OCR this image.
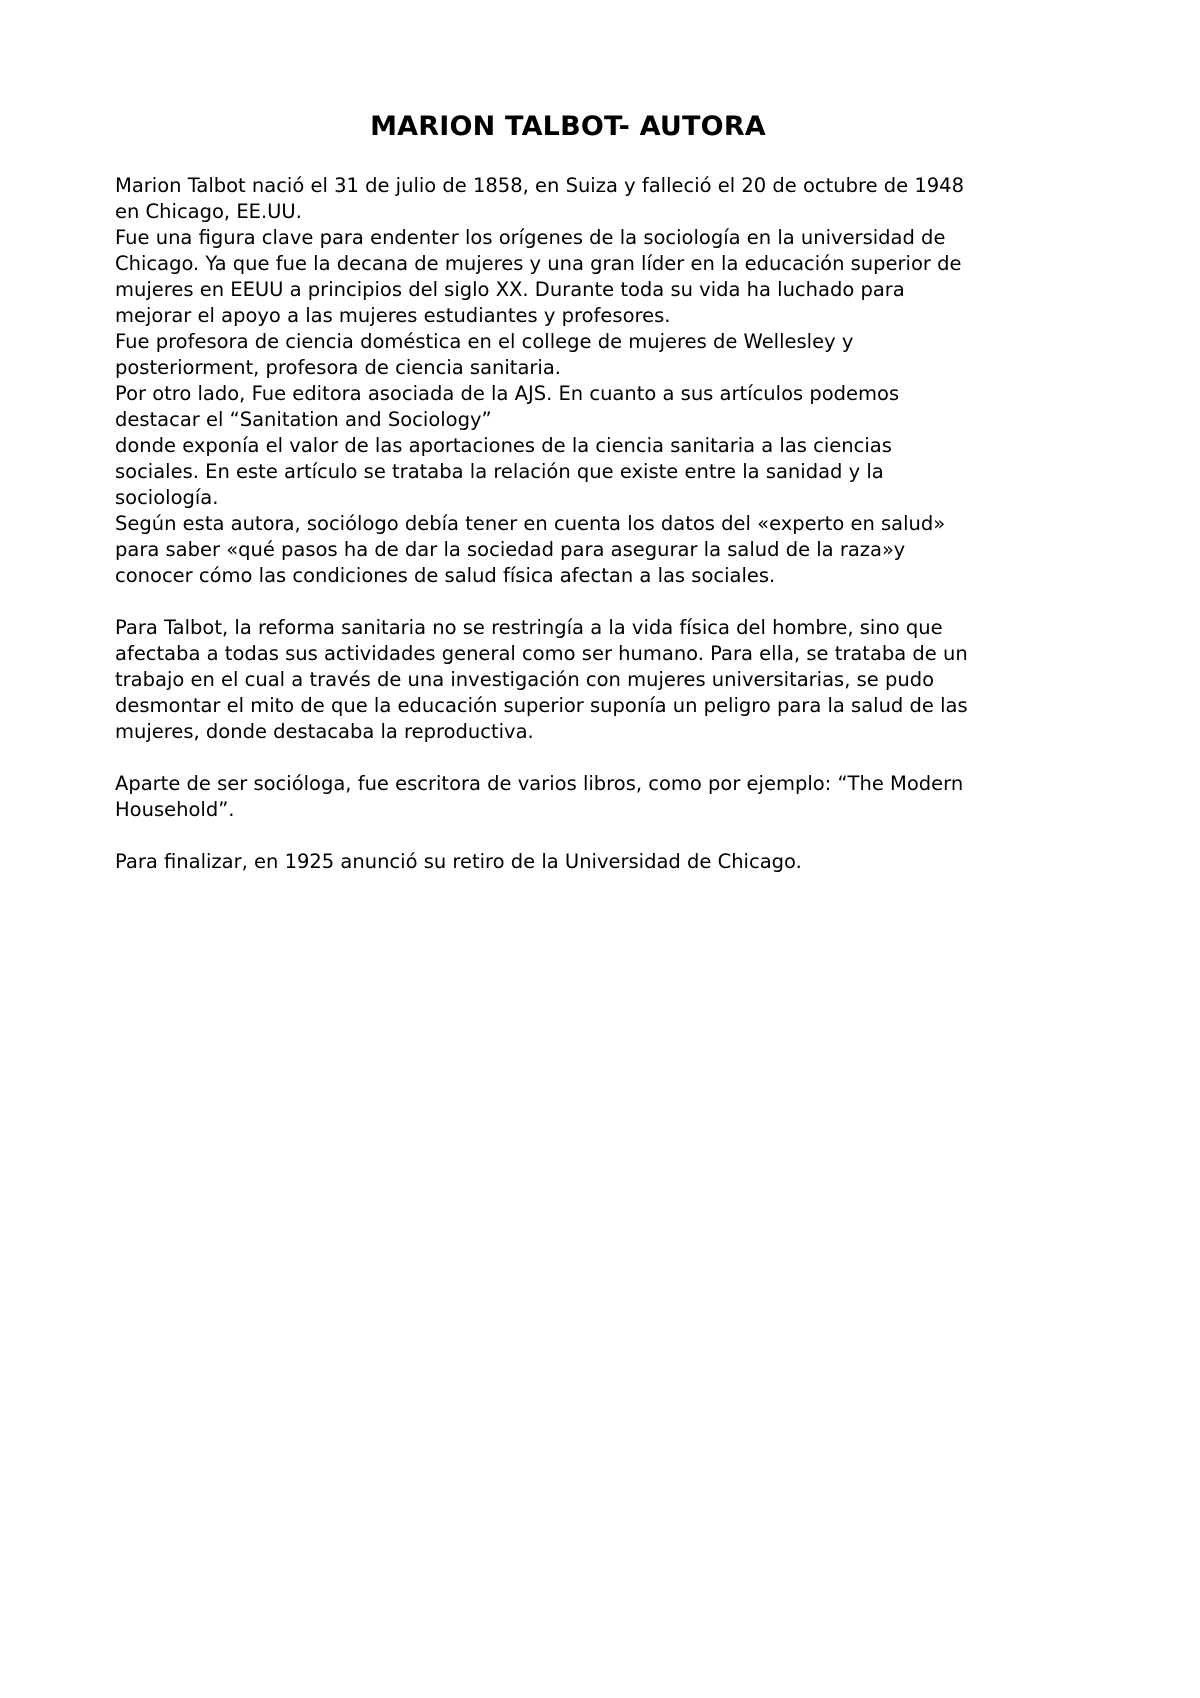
MARION TALBOT- AUTORA
Marion Talbot nació el 31 de julio de 1858, en Suiza y falleció el 20 de octubre de 1948
en Chicago, EE.UU.
Fue una figura clave para endenter los orígenes de la sociología en la universidad de
Chicago. Ya que fue la decana de mujeres y una gran líder en la educación superior de
mujeres en EEUU a principios del siglo XX. Durante toda su vida ha luchado para
mejorar el apoyo a las mujeres estudiantes y profesores.
Fue profesora de ciencia doméstica en el college de mujeres de Wellesley y
posteriorment, profesora de ciencia sanitaria.
Por otro lado, Fue editora asociada de la AJS. En cuanto a sus artículos podemos
destacar el “Sanitation and Sociology”
donde exponía el valor de las aportaciones de la ciencia sanitaria a las ciencias
sociales. En este artículo se trataba la relación que existe entre la sanidad y la
sociología.
Según esta autora, sociólogo debía tener en cuenta los datos del «experto en salud»
para saber «qué pasos ha de dar la sociedad para asegurar la salud de la raza»y
conocer cómo las condiciones de salud física afectan a las sociales.
Para Talbot, la reforma sanitaria no se restringía a la vida física del hombre, sino que
afectaba a todas sus actividades general como ser humano. Para ella, se trataba de un
trabajo en el cual a través de una investigación con mujeres universitarias, se pudo
desmontar el mito de que la educación superior suponía un peligro para la salud de las
mujeres, donde destacaba la reproductiva.
Aparte de ser socióloga, fue escritora de varios libros, como por ejemplo: “The Modern
Household”.
Para finalizar, en 1925 anunció su retiro de la Universidad de Chicago.
